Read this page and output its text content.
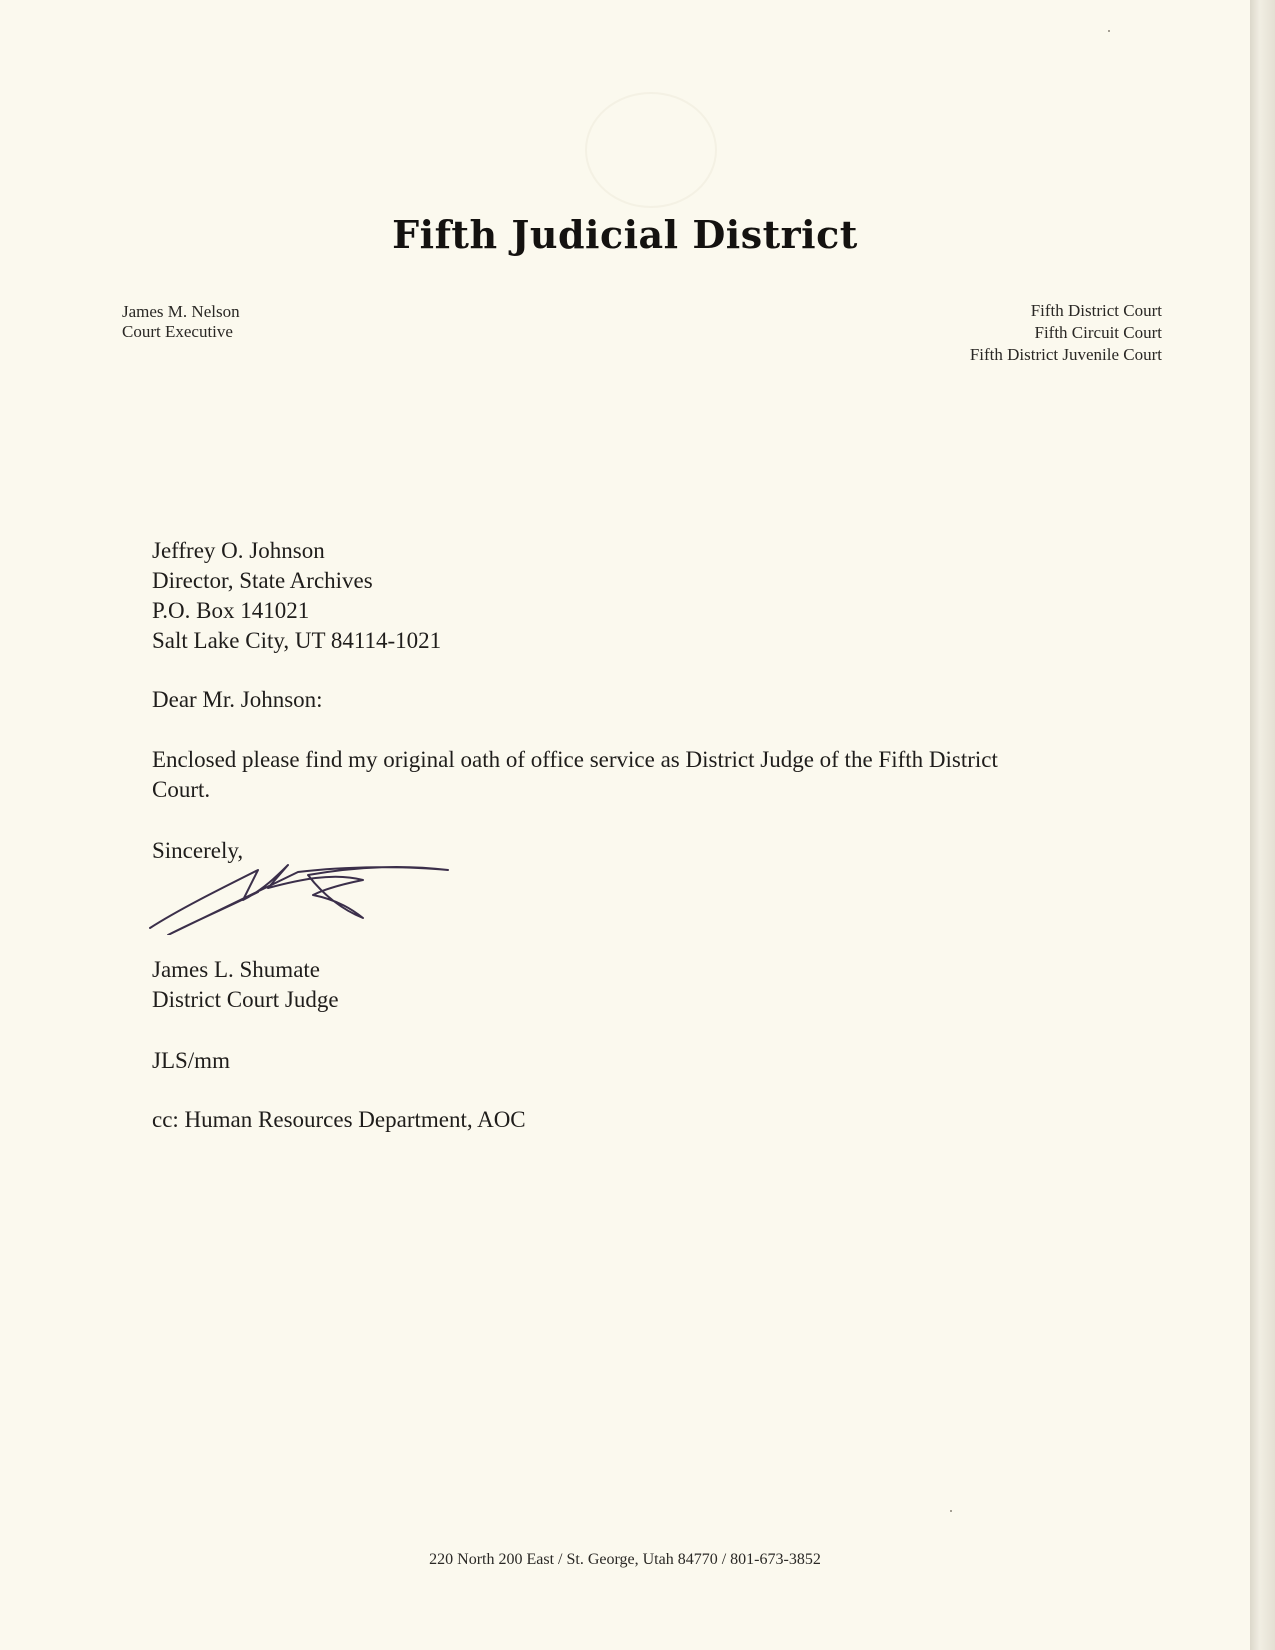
Fifth Judicial District
James M. Nelson
Court Executive
Fifth District Court
Fifth Circuit Court
Fifth District Juvenile Court
Jeffrey O. Johnson
Director, State Archives
P.O. Box 141021
Salt Lake City, UT 84114-1021
Dear Mr. Johnson:
Enclosed please find my original oath of office service as District Judge of the Fifth District
Court.
Sincerely,
James L. Shumate
District Court Judge
JLS/mm
cc: Human Resources Department, AOC
220 North 200 East / St. George, Utah 84770 / 801-673-3852
